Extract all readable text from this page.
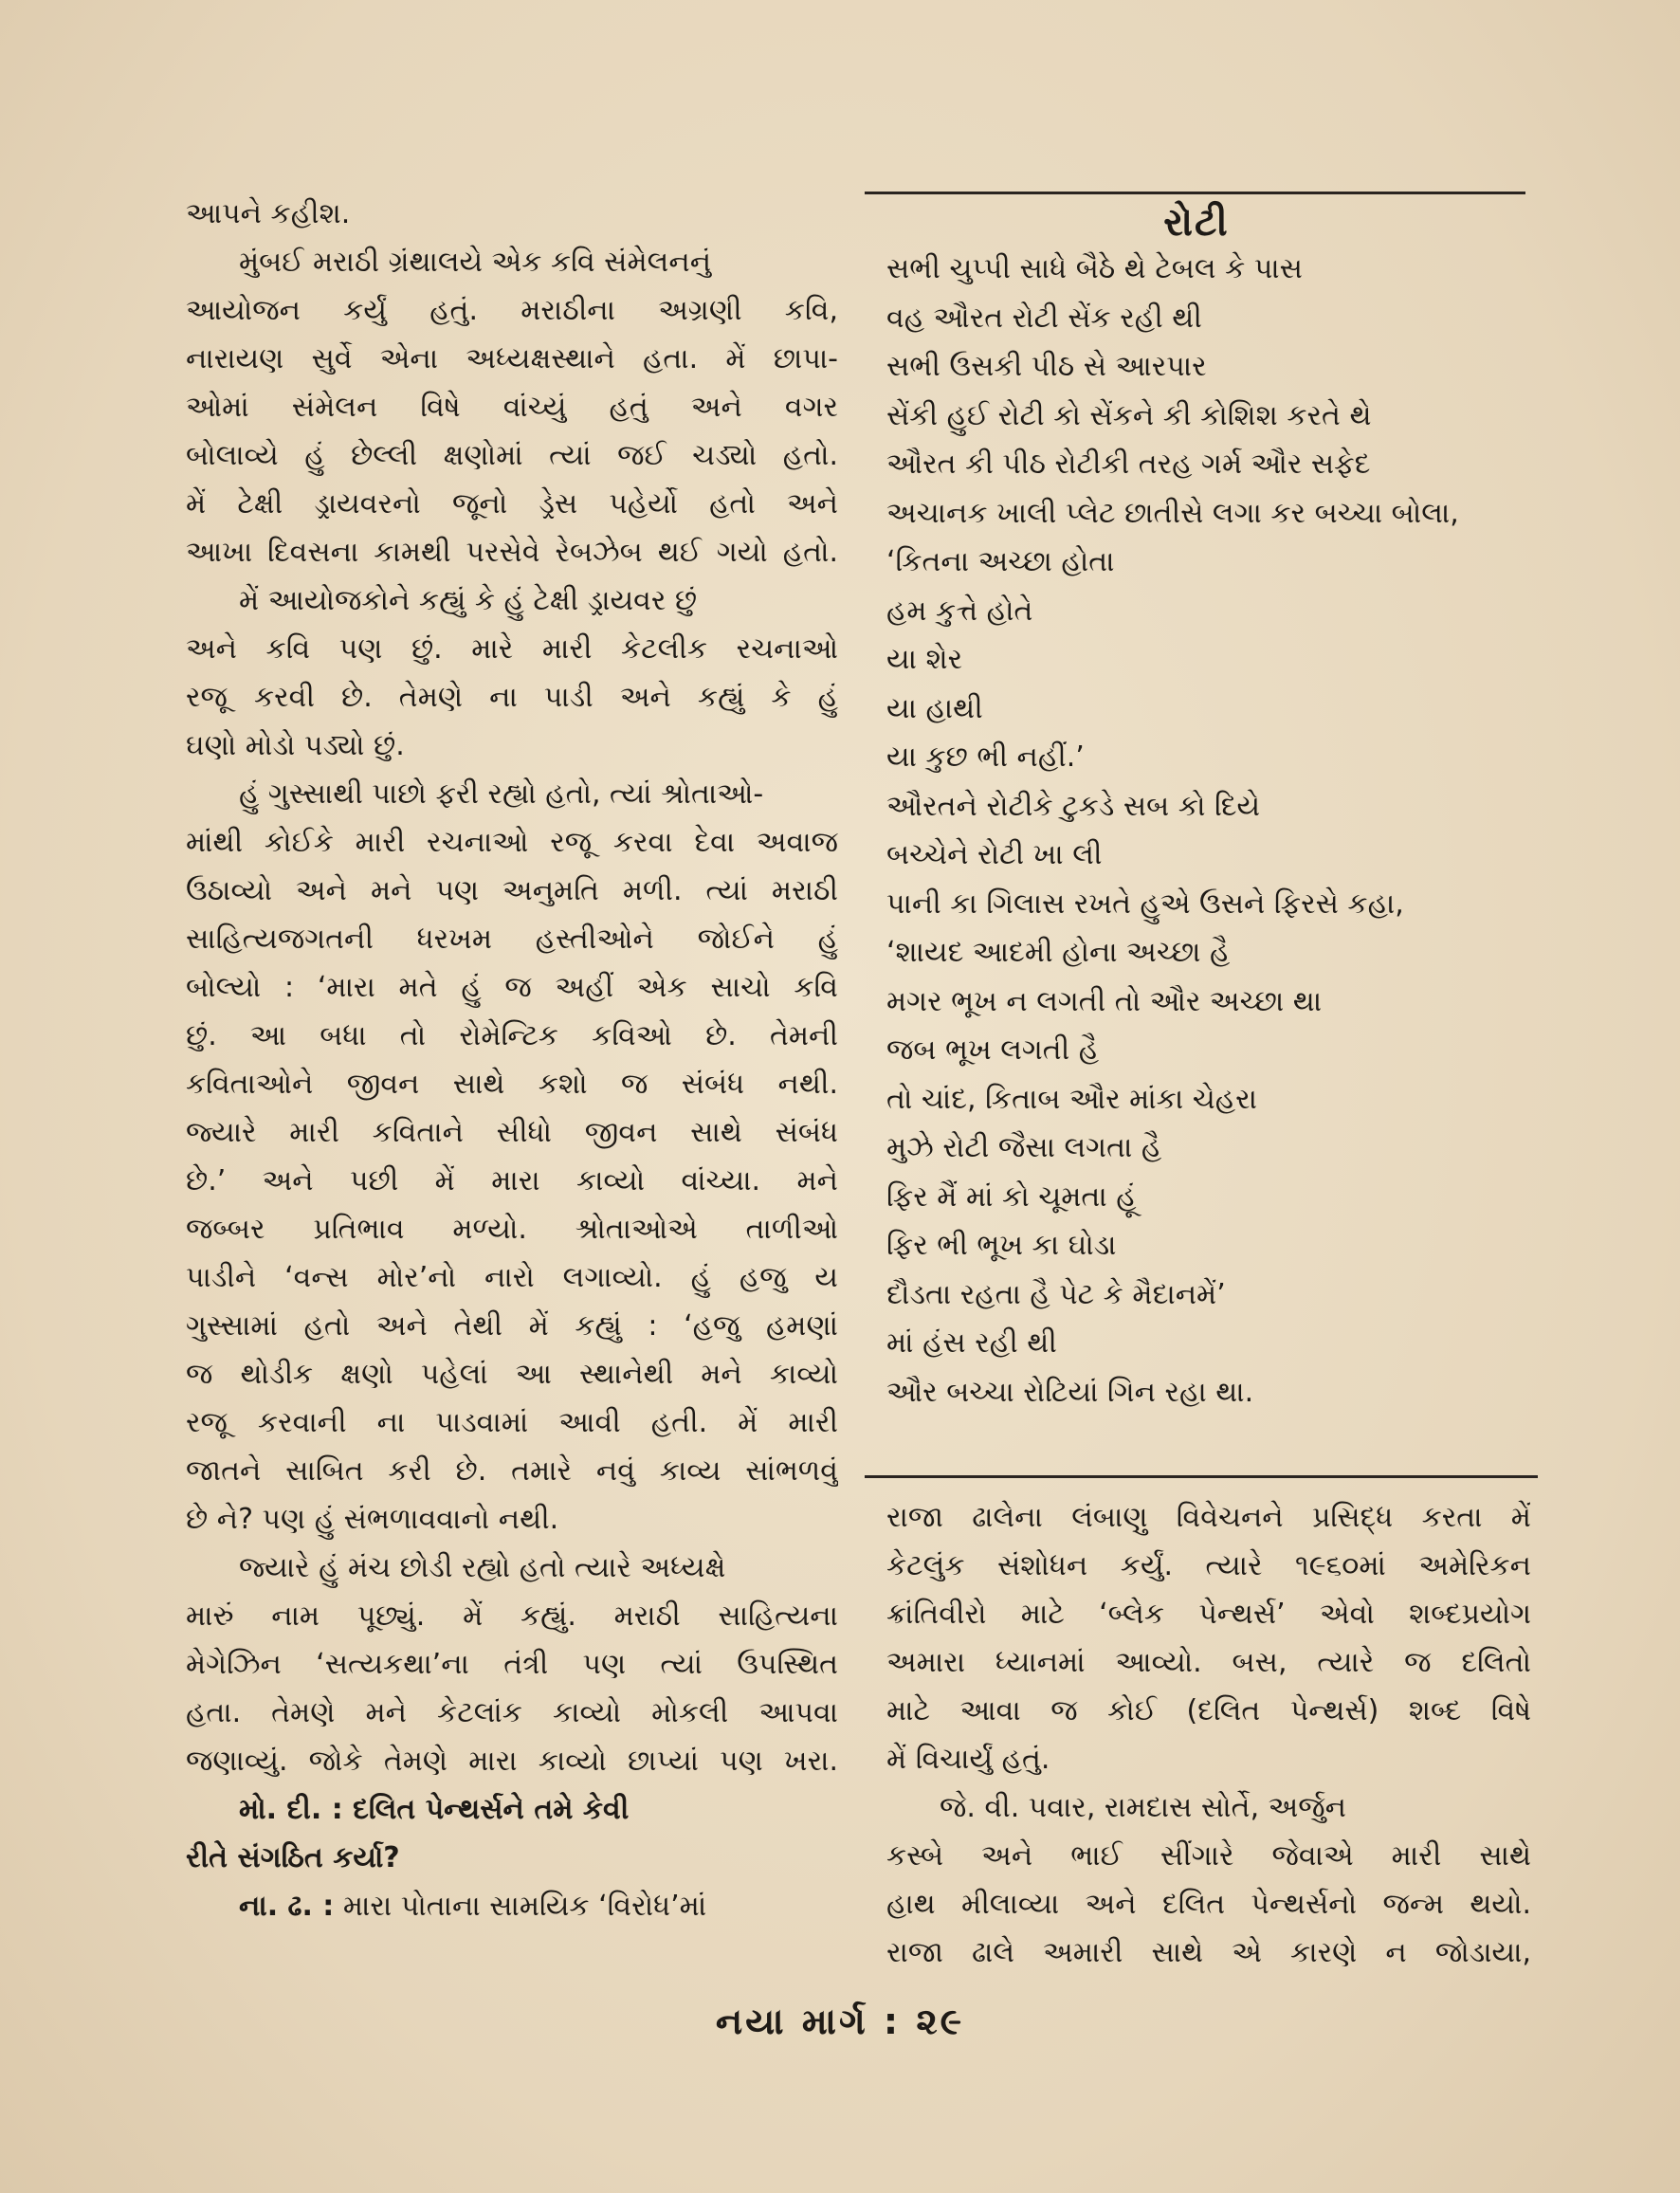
રોટી
આપને કહીશ.
મુંબઈ મરાઠી ગ્રંથાલયે એક કવિ સંમેલનનું
આયોજન કર્યું હતું. મરાઠીના અગ્રણી કવિ,
નારાયણ સુર્વે એના અધ્યક્ષસ્થાને હતા. મેં છાપા-
ઓમાં સંમેલન વિષે વાંચ્યું હતું અને વગર
બોલાવ્યે હું છેલ્લી ક્ષણોમાં ત્યાં જઈ ચડ્યો હતો.
મેં ટેક્ષી ડ્રાયવરનો જૂનો ડ્રેસ પહેર્યો હતો અને
આખા દિવસના કામથી પરસેવે રેબઝેબ થઈ ગયો હતો.
મેં આયોજકોને કહ્યું કે હું ટેક્ષી ડ્રાયવર છું
અને કવિ પણ છું. મારે મારી કેટલીક રચનાઓ
રજૂ કરવી છે. તેમણે ના પાડી અને કહ્યું કે હું
ઘણો મોડો પડ્યો છું.
હું ગુસ્સાથી પાછો ફરી રહ્યો હતો, ત્યાં શ્રોતાઓ-
માંથી કોઈકે મારી રચનાઓ રજૂ કરવા દેવા અવાજ
ઉઠાવ્યો અને મને પણ અનુમતિ મળી. ત્યાં મરાઠી
સાહિત્યજગતની ધરખમ હસ્તીઓને જોઈને હું
બોલ્યો : ‘મારા મતે હું જ અહીં એક સાચો કવિ
છું. આ બધા તો રોમેન્ટિક કવિઓ છે. તેમની
કવિતાઓને જીવન સાથે કશો જ સંબંધ નથી.
જ્યારે મારી કવિતાને સીધો જીવન સાથે સંબંધ
છે.’ અને પછી મેં મારા કાવ્યો વાંચ્યા. મને
જબ્બર પ્રતિભાવ મળ્યો. શ્રોતાઓએ તાળીઓ
પાડીને ‘વન્સ મોર’નો નારો લગાવ્યો. હું હજુ ય
ગુસ્સામાં હતો અને તેથી મેં કહ્યું : ‘હજુ હમણાં
જ થોડીક ક્ષણો પહેલાં આ સ્થાનેથી મને કાવ્યો
રજૂ કરવાની ના પાડવામાં આવી હતી. મેં મારી
જાતને સાબિત કરી છે. તમારે નવું કાવ્ય સાંભળવું
છે ને? પણ હું સંભળાવવાનો નથી.
જ્યારે હું મંચ છોડી રહ્યો હતો ત્યારે અધ્યક્ષે
મારું નામ પૂછ્યું. મેં કહ્યું. મરાઠી સાહિત્યના
મેગેઝિન ‘સત્યકથા’ના તંત્રી પણ ત્યાં ઉપસ્થિત
હતા. તેમણે મને કેટલાંક કાવ્યો મોકલી આપવા
જણાવ્યું. જોકે તેમણે મારા કાવ્યો છાપ્યાં પણ ખરા.
મો. દી. : દલિત પેન્થર્સને તમે કેવી
રીતે સંગઠિત કર્યા?
ના. ઢ. : મારા પોતાના સામયિક ‘વિરોધ’માં
સભી ચુપ્પી સાધે બૈઠે થે ટેબલ કે પાસ
વહ ઔરત રોટી સેંક રહી થી
સભી ઉસકી પીઠ સે આરપાર
સેંકી હુઈ રોટી કો સેંકને કી કોશિશ કરતે થે
ઔરત કી પીઠ રોટીકી તરહ ગર્મ ઔર સફેદ
અચાનક ખાલી પ્લેટ છાતીસે લગા કર બચ્ચા બોલા,
‘કિતના અચ્છા હોતા
હમ કુત્તે હોતે
યા શેર
યા હાથી
યા કુછ ભી નહીં.’
ઔરતને રોટીકે ટુકડે સબ કો દિયે
બચ્ચેને રોટી ખા લી
પાની કા ગિલાસ રખતે હુએ ઉસને ફિરસે કહા,
‘શાયદ આદમી હોના અચ્છા હૈ
મગર ભૂખ ન લગતી તો ઔર અચ્છા થા
જબ ભૂખ લગતી હૈ
તો ચાંદ, કિતાબ ઔર માંકા ચેહરા
મુઝે રોટી જૈસા લગતા હૈ
ફિર મૈં માં કો ચૂમતા હૂં
ફિર ભી ભૂખ કા ઘોડા
દૌડતા રહતા હૈ પેટ કે મૈદાનમેં’
માં હંસ રહી થી
ઔર બચ્ચા રોટિયાં ગિન રહા થા.
રાજા ઢાલેના લંબાણુ વિવેચનને પ્રસિદ્ધ કરતા મેં
કેટલુંક સંશોધન કર્યું. ત્યારે ૧૯૬૦માં અમેરિકન
ક્રાંતિવીરો માટે ‘બ્લેક પેન્થર્સ’ એવો શબ્દપ્રયોગ
અમારા ધ્યાનમાં આવ્યો. બસ, ત્યારે જ દલિતો
માટે આવા જ કોઈ (દલિત પેન્થર્સ) શબ્દ વિષે
મેં વિચાર્યું હતું.
જે. વી. પવાર, રામદાસ સોર્તે, અર્જુન
કસ્બે અને ભાઈ સીંગારે જેવાએ મારી સાથે
હાથ મીલાવ્યા અને દલિત પેન્થર્સનો જન્મ થયો.
રાજા ઢાલે અમારી સાથે એ કારણે ન જોડાયા,
નયા માર્ગ : ૨૯
